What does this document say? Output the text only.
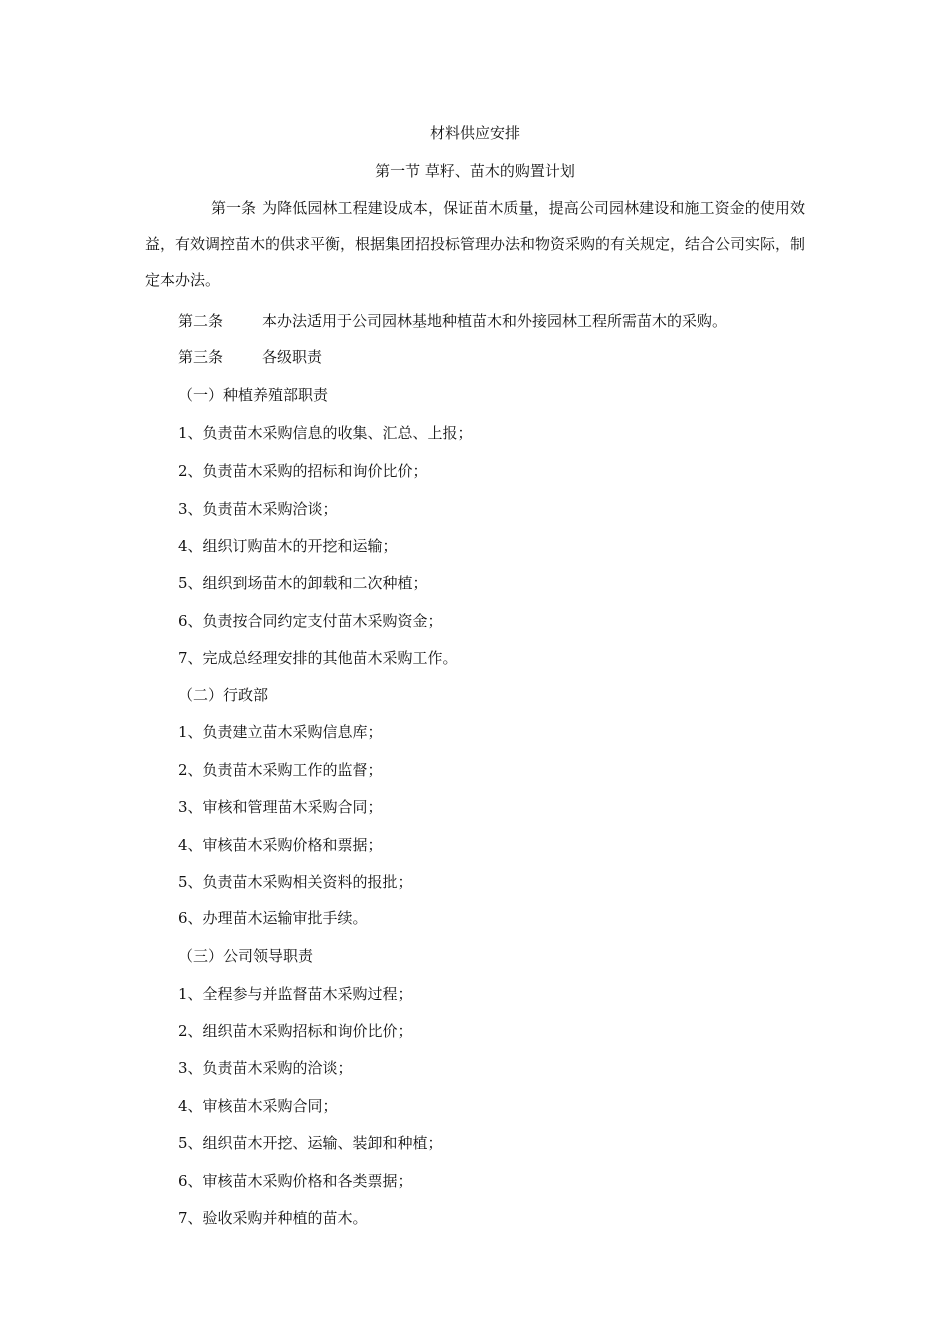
材料供应安排
第一节 草籽、苗木的购置计划
第一条 为降低园林工程建设成本，保证苗木质量，提高公司园林建设和施工资金的使用效益，有效调控苗木的供求平衡，根据集团招投标管理办法和物资采购的有关规定，结合公司实际，制定本办法。
第二条	本办法适用于公司园林基地种植苗木和外接园林工程所需苗木的采购。
第三条	各级职责
（一）种植养殖部职责
1、负责苗木采购信息的收集、汇总、上报；
2、负责苗木采购的招标和询价比价；
3、负责苗木采购洽谈；
4、组织订购苗木的开挖和运输；
5、组织到场苗木的卸载和二次种植；
6、负责按合同约定支付苗木采购资金；
7、完成总经理安排的其他苗木采购工作。
（二）行政部
1、负责建立苗木采购信息库；
2、负责苗木采购工作的监督；
3、审核和管理苗木采购合同；
4、审核苗木采购价格和票据；
5、负责苗木采购相关资料的报批；
6、办理苗木运输审批手续。
（三）公司领导职责
1、全程参与并监督苗木采购过程；
2、组织苗木采购招标和询价比价；
3、负责苗木采购的洽谈；
4、审核苗木采购合同；
5、组织苗木开挖、运输、装卸和种植；
6、审核苗木采购价格和各类票据；
7、验收采购并种植的苗木。
